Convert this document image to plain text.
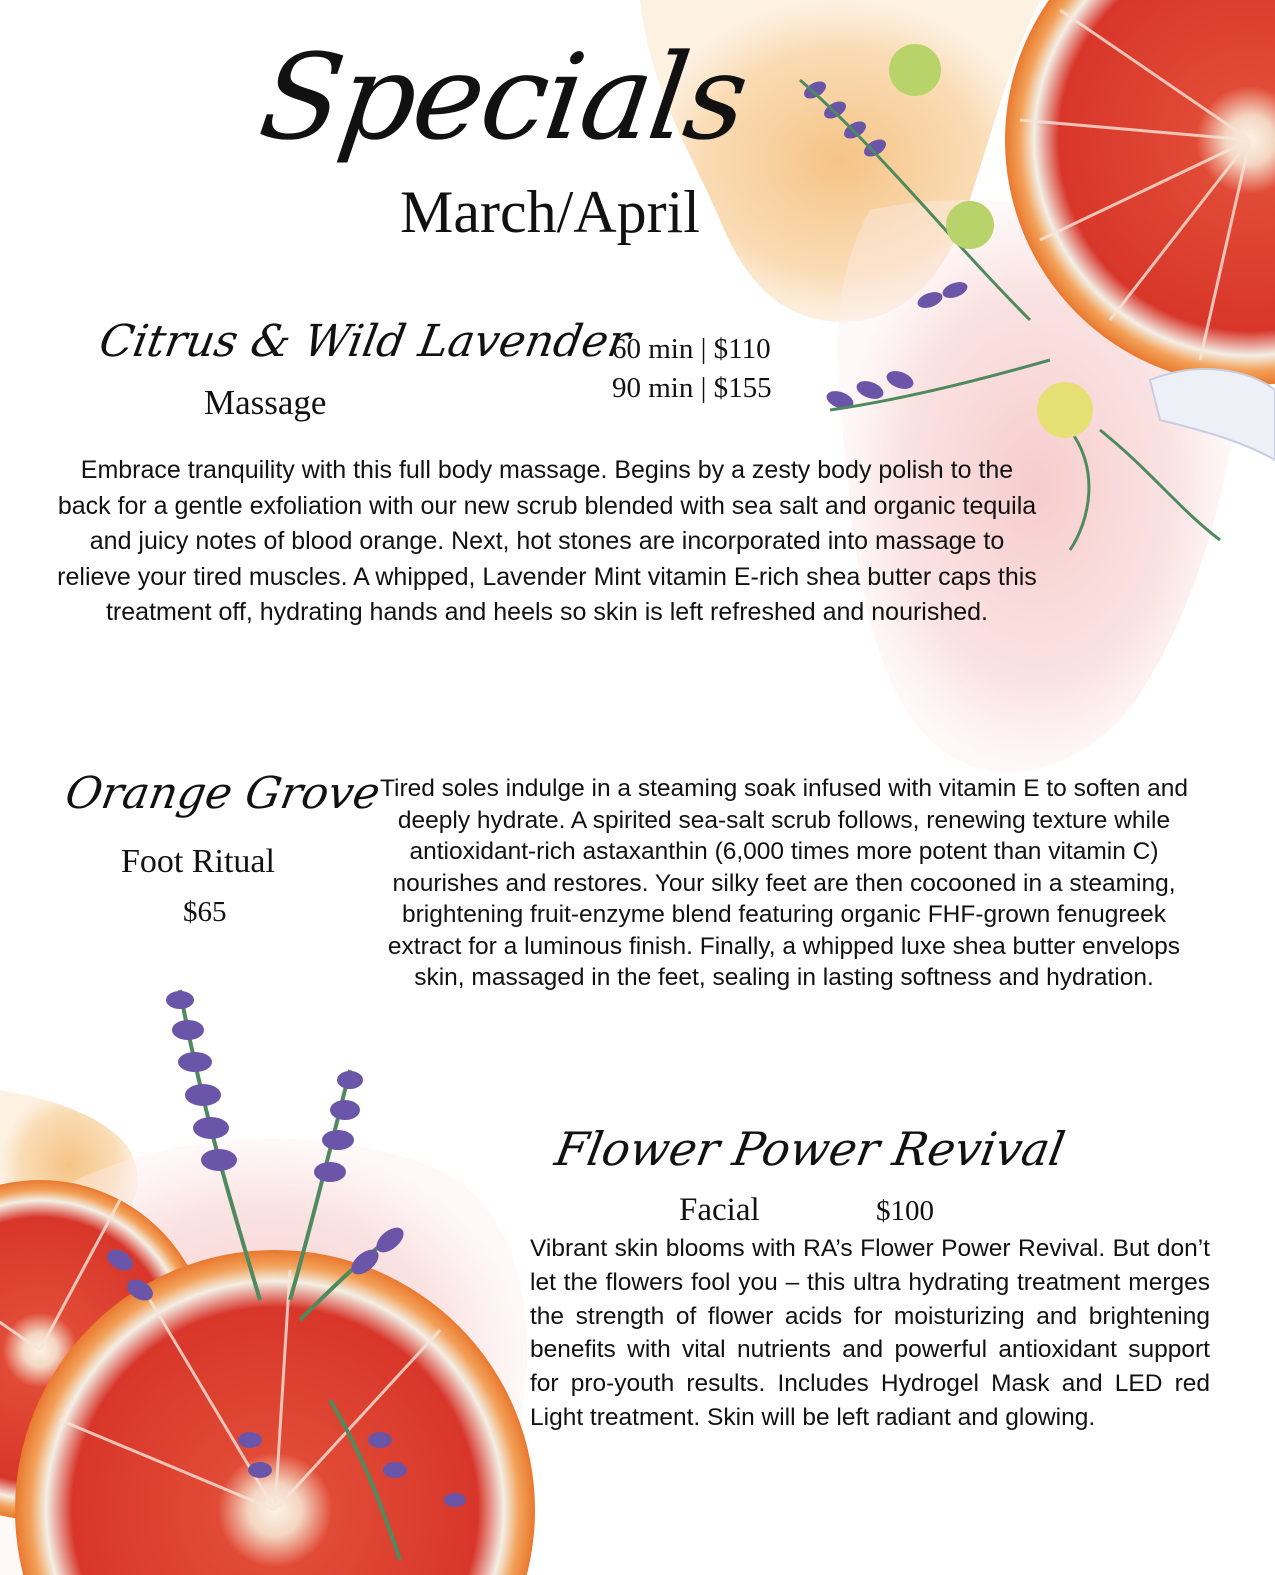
Specials
March/April
Citrus & Wild Lavender
Massage
60 min | $110
90 min | $155
Embrace tranquility with this full body massage. Begins by a zesty body polish to the back for a gentle exfoliation with our new scrub blended with sea salt and organic tequila and juicy notes of blood orange. Next, hot stones are incorporated into massage to relieve your tired muscles. A whipped, Lavender Mint vitamin E-rich shea butter caps this treatment off, hydrating hands and heels so skin is left refreshed and nourished.
Orange Grove
Foot Ritual
$65
Tired soles indulge in a steaming soak infused with vitamin E to soften and deeply hydrate. A spirited sea-salt scrub follows, renewing texture while antioxidant-rich astaxanthin (6,000 times more potent than vitamin C) nourishes and restores. Your silky feet are then cocooned in a steaming, brightening fruit-enzyme blend featuring organic FHF-grown fenugreek extract for a luminous finish. Finally, a whipped luxe shea butter envelops skin, massaged in the feet, sealing in lasting softness and hydration.
Flower Power Revival
Facial	$100
Vibrant skin blooms with RA’s Flower Power Revival. But don’t let the flowers fool you – this ultra hydrating treatment merges the strength of flower acids for moisturizing and brightening benefits with vital nutrients and powerful antioxidant support for pro-youth results. Includes Hydrogel Mask and LED red Light treatment. Skin will be left radiant and glowing.
